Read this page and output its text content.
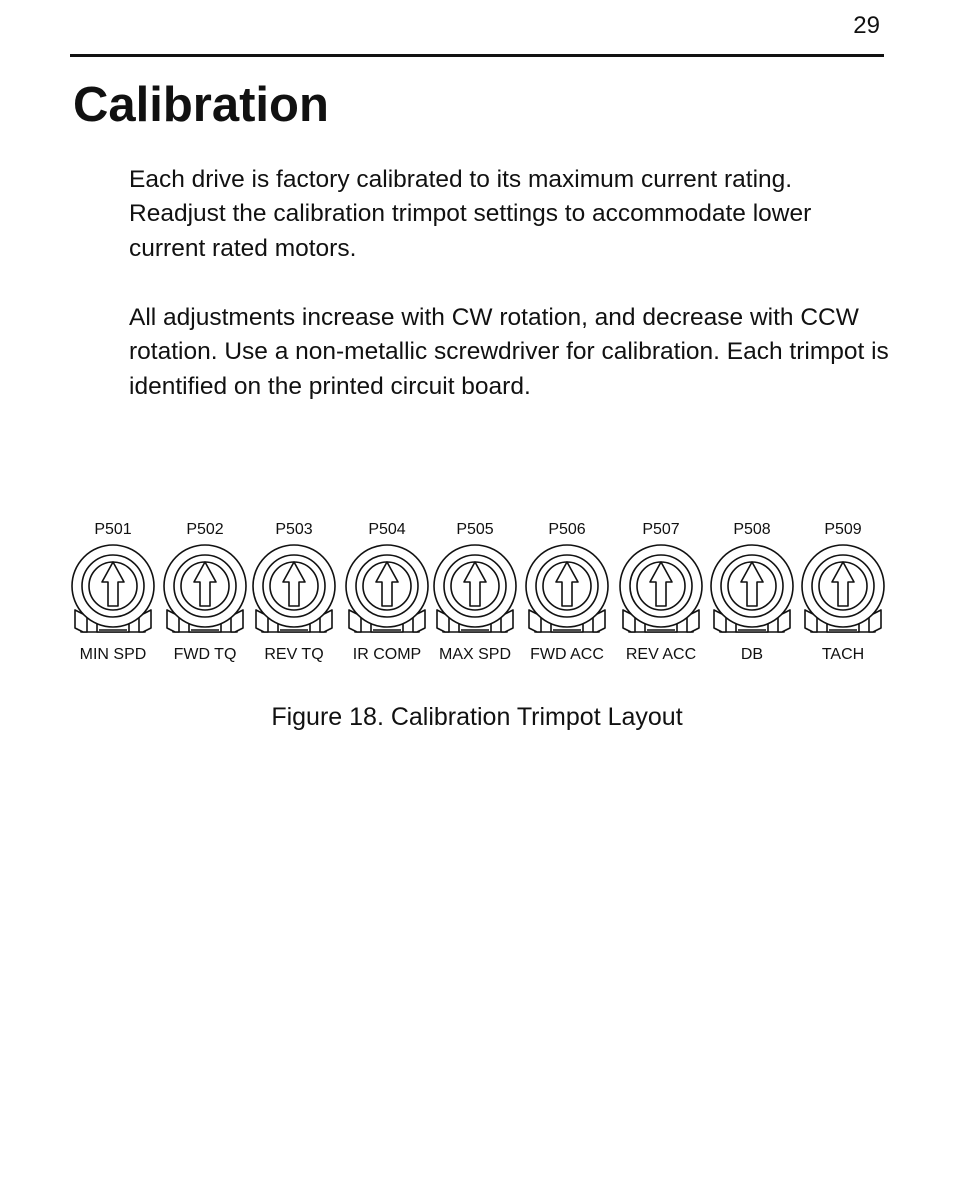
29
Calibration

Each drive is factory calibrated to its maximum current rating. Readjust the calibration trimpot settings to accommodate lower current rated motors.

All adjustments increase with CW rotation, and decrease with CCW rotation. Use a non-metallic screwdriver for calibration. Each trimpot is identified on the printed circuit board.

P501
MIN SPD
P502
FWD TQ
P503
REV TQ
P504
IR COMP
P505
MAX SPD
P506
FWD ACC
P507
REV ACC
P508
DB
P509
TACH

Figure 18. Calibration Trimpot Layout
